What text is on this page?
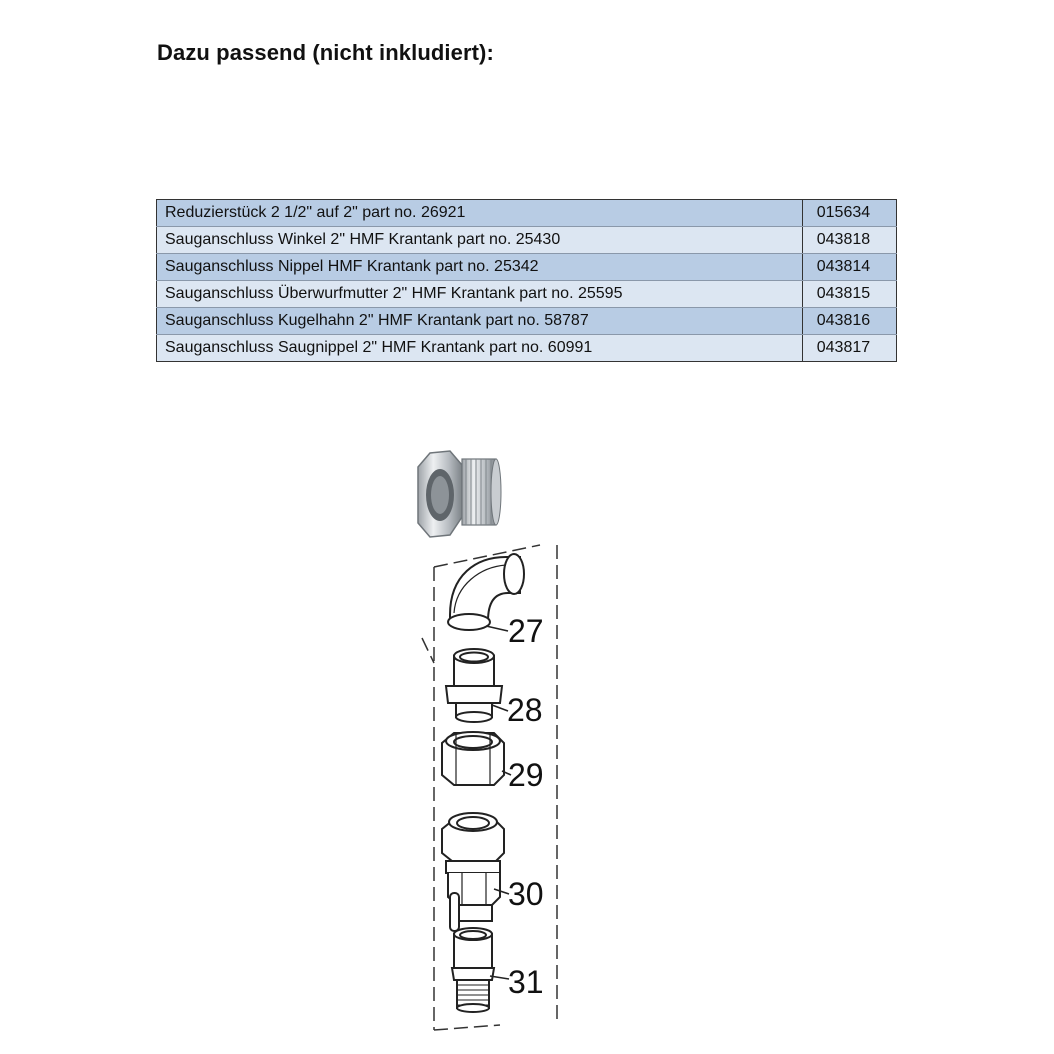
Dazu passend (nicht inkludiert):
Reduzierstück 2 1/2" auf 2" part no. 26921	015634
Sauganschluss Winkel 2" HMF Krantank part no. 25430	043818
Sauganschluss Nippel HMF Krantank part no. 25342	043814
Sauganschluss Überwurfmutter 2" HMF Krantank part no. 25595	043815
Sauganschluss Kugelhahn 2" HMF Krantank part no. 58787	043816
Sauganschluss Saugnippel 2" HMF Krantank part no. 60991	043817
27
28
29
30
31
